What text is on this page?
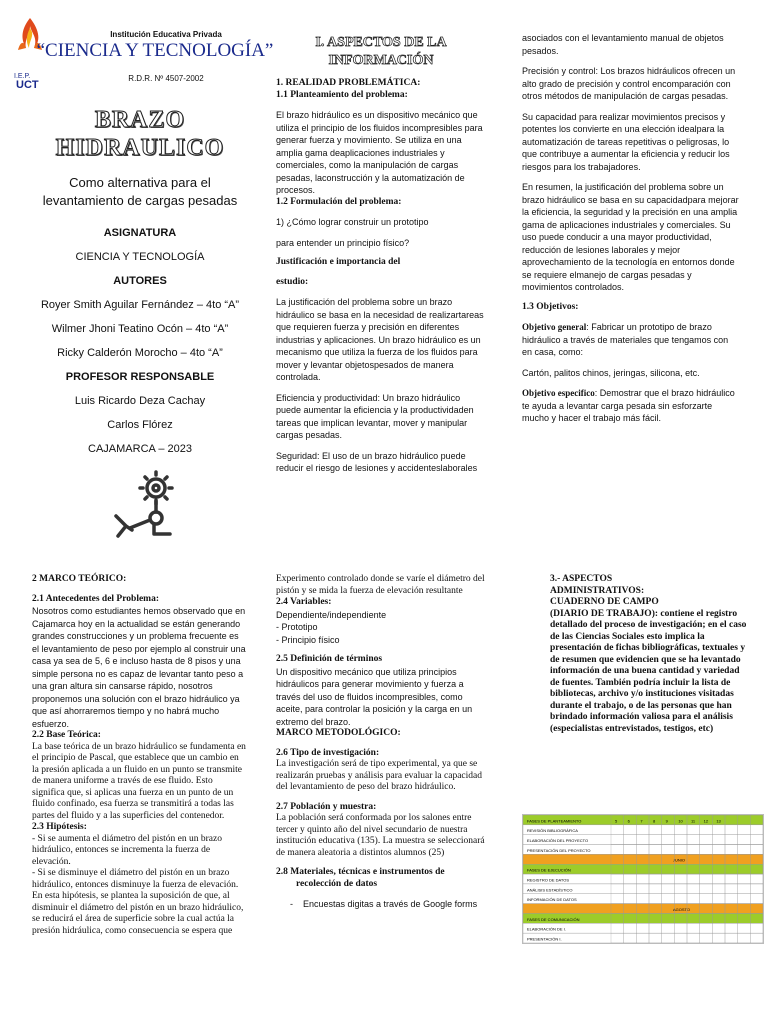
I.E.P.
UCT
Institución Educativa Privada
“CIENCIA Y TECNOLOGÍA”
R.D.R. Nº 4507-2002
BRAZO
HIDRAULICO
Como alternativa para el
levantamiento de cargas pesadas
ASIGNATURA
CIENCIA Y TECNOLOGÍA
AUTORES
Royer Smith Aguilar Fernández – 4to “A”
Wilmer Jhoni Teatino Ocón – 4to “A”
Ricky Calderón Morocho – 4to “A”
PROFESOR RESPONSABLE
Luis Ricardo Deza Cachay
Carlos Flórez
CAJAMARCA – 2023
I. ASPECTOS DE LA
INFORMACIÓN

1. REALIDAD PROBLEMÁTICA:

1.1 Planteamiento del problema:

El brazo hidráulico es un dispositivo mecánico que utiliza el principio de los fluidos incompresibles para generar fuerza y movimiento. Se utiliza en una amplia gama deaplicaciones industriales y comerciales, como la manipulación de cargas pesadas, laconstrucción y la automatización de procesos.

1.2 Formulación del problema:

1) ¿Cómo lograr construir un prototipo

para entender un principio físico?

Justificación e importancia del

estudio:

La justificación del problema sobre un brazo hidráulico se basa en la necesidad de realizartareas que requieren fuerza y precisión en diferentes industrias y aplicaciones. Un brazo hidráulico es un mecanismo que utiliza la fuerza de los fluidos para mover y levantar objetospesados de manera controlada.

Eficiencia y productividad: Un brazo hidráulico puede aumentar la eficiencia y la productividaden tareas que implican levantar, mover y manipular cargas pesadas.

Seguridad: El uso de un brazo hidráulico puede reducir el riesgo de lesiones y accidenteslaborales

asociados con el levantamiento manual de objetos pesados.

Precisión y control: Los brazos hidráulicos ofrecen un alto grado de precisión y control encomparación con otros métodos de manipulación de cargas pesadas.

Su capacidad para realizar movimientos precisos y potentes los convierte en una elección idealpara la automatización de tareas repetitivas o peligrosas, lo que contribuye a aumentar la eficiencia y reducir los riesgos para los trabajadores.

En resumen, la justificación del problema sobre un brazo hidráulico se basa en su capacidadpara mejorar la eficiencia, la seguridad y la precisión en una amplia gama de aplicaciones industriales y comerciales. Su uso puede conducir a una mayor productividad, reducción de lesiones laborales y mejor aprovechamiento de la tecnología en entornos donde se requiere elmanejo de cargas pesadas y movimientos controlados.

1.3 Objetivos:

Objetivo general: Fabricar un prototipo de brazo hidráulico a través de materiales que tengamos con en casa, como:

Cartón, palitos chinos, jeringas, silicona, etc.

Objetivo especifico: Demostrar que el brazo hidráulico te ayuda a levantar carga pesada sin esforzarte mucho y hacer el trabajo más fácil.

2 MARCO TEÓRICO:

2.1 Antecedentes del Problema:

Nosotros como estudiantes hemos observado que en Cajamarca hoy en la actualidad se están generando grandes construcciones y un problema frecuente es el levantamiento de peso por ejemplo al construir una casa ya sea de 5, 6 e incluso hasta de 8 pisos y una simple persona no es capaz de levantar tanto peso a una gran altura sin cansarse rápido, nosotros proponemos una solución con el brazo hidráulico ya que así ahorraremos tiempo y no habrá mucho esfuerzo.

2.2 Base Teórica:

La base teórica de un brazo hidráulico se fundamenta en el principio de Pascal, que establece que un cambio en la presión aplicada a un fluido en un punto se transmite de manera uniforme a través de ese fluido. Esto significa que, si aplicas una fuerza en un punto de un fluido confinado, esa fuerza se transmitirá a todas las partes del fluido y a las superficies del contenedor.

2.3 Hipótesis:

- Si se aumenta el diámetro del pistón en un brazo hidráulico, entonces se incrementa la fuerza de elevación.

- Si se disminuye el diámetro del pistón en un brazo hidráulico, entonces disminuye la fuerza de elevación.

En esta hipótesis, se plantea la suposición de que, al disminuir el diámetro del pistón en un brazo hidráulico, se reducirá el área de superficie sobre la cual actúa la presión hidráulica, como consecuencia se espera que

Experimento controlado donde se varíe el diámetro del pistón y se mida la fuerza de elevación resultante

2.4 Variables:

Dependiente/independiente

- Prototipo

- Principio físico

2.5 Definición de términos

Un dispositivo mecánico que utiliza principios hidráulicos para generar movimiento y fuerza a través del uso de fluidos incompresibles, como aceite, para controlar la posición y la carga en un extremo del brazo.

MARCO METODOLÓGICO:

2.6 Tipo de investigación:

La investigación será de tipo experimental, ya que se realizarán pruebas y análisis para evaluar la capacidad del levantamiento de peso del brazo hidráulico.

2.7 Población y muestra:

La población será conformada por los salones entre tercer y quinto año del nivel secundario de nuestra institución educativa (135). La muestra se seleccionará de manera aleatoria a distintos alumnos (25)

2.8 Materiales, técnicas e instrumentos de
recolección de datos

- Encuestas digitas a través de Google forms

3.- ASPECTOS
ADMINISTRATIVOS:
CUADERNO DE CAMPO
(DIARIO DE TRABAJO): contiene el registro detallado del proceso de investigación; en el caso de las Ciencias Sociales esto implica la presentación de fichas bibliográficas, textuales y de resumen que evidencien que se ha levantado información de una buena cantidad y variedad de fuentes. También podría incluir la lista de bibliotecas, archivo y/o instituciones visitadas durante el trabajo, o de las personas que han brindado información valiosa para el análisis (especialistas entrevistados, testigos, etc)

FASES DE PLANTEAMIENTO	5	6	7	8	9	10 11 12 13
REVISIÓN BIBLIOGRÁFICA
ELABORACIÓN DEL PROYECTO
PRESENTACIÓN DEL PROYECTO
JUNIO
FASES DE EJECUCIÓN
REGISTRO DE DATOS
ANÁLISIS ESTADÍSTICO
INFORMACIÓN DE DATOS
AGOSTO
FASES DE COMUNICACIÓN
ELABORACIÓN DE I.
PRESENTACIÓN I.
